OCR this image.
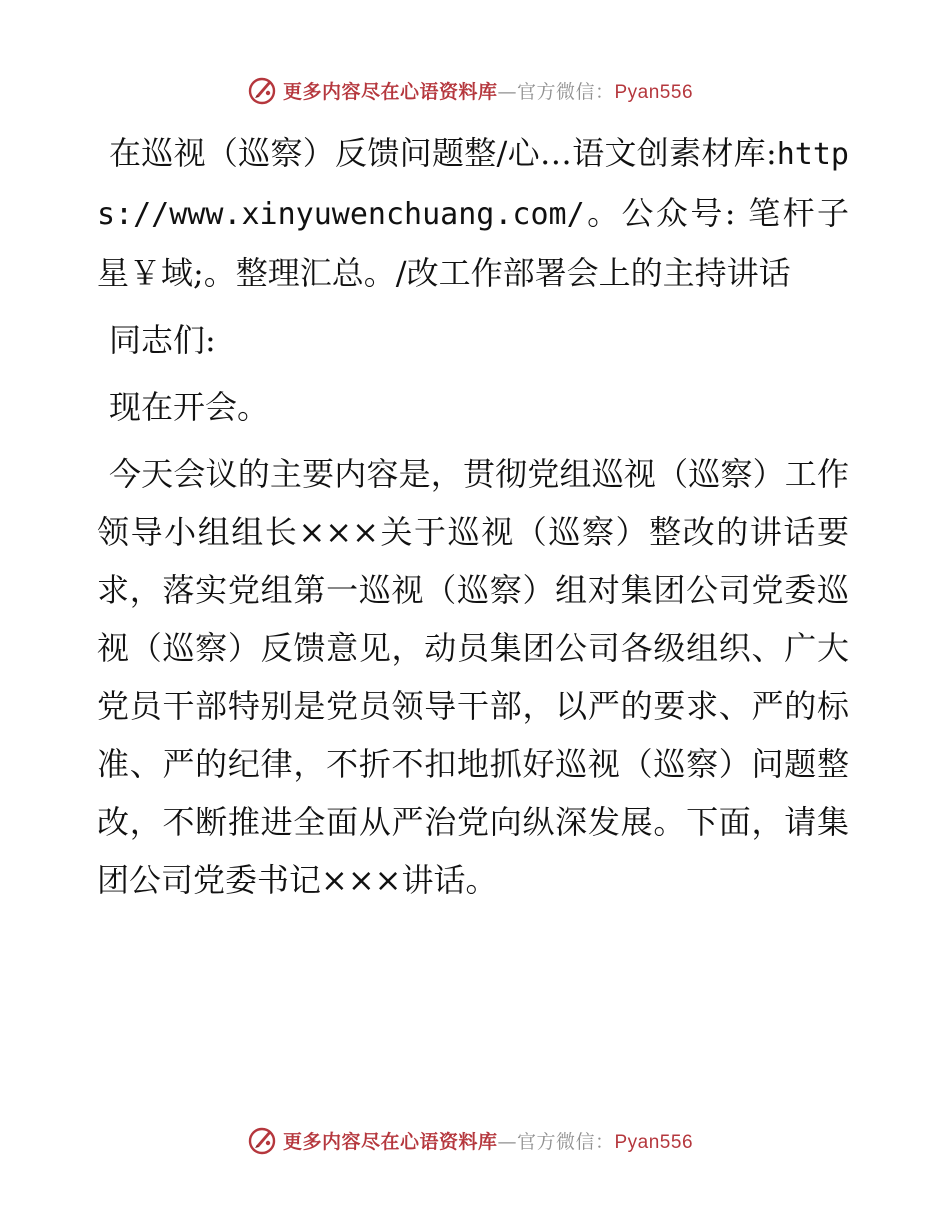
更多内容尽在心语资料库—官方微信：Pyan556

在巡视（巡察）反馈问题整/心…语文创素材库:https://www.xinyuwenchuang.com/。公众号: 笔杆子星￥域;。整理汇总。/改工作部署会上的主持讲话

同志们:

现在开会。

今天会议的主要内容是，贯彻党组巡视（巡察）工作领导小组组长×××关于巡视（巡察）整改的讲话要求，落实党组第一巡视（巡察）组对集团公司党委巡视（巡察）反馈意见，动员集团公司各级组织、广大党员干部特别是党员领导干部，以严的要求、严的标准、严的纪律，不折不扣地抓好巡视（巡察）问题整改，不断推进全面从严治党向纵深发展。下面，请集团公司党委书记×××讲话。

更多内容尽在心语资料库—官方微信：Pyan556
